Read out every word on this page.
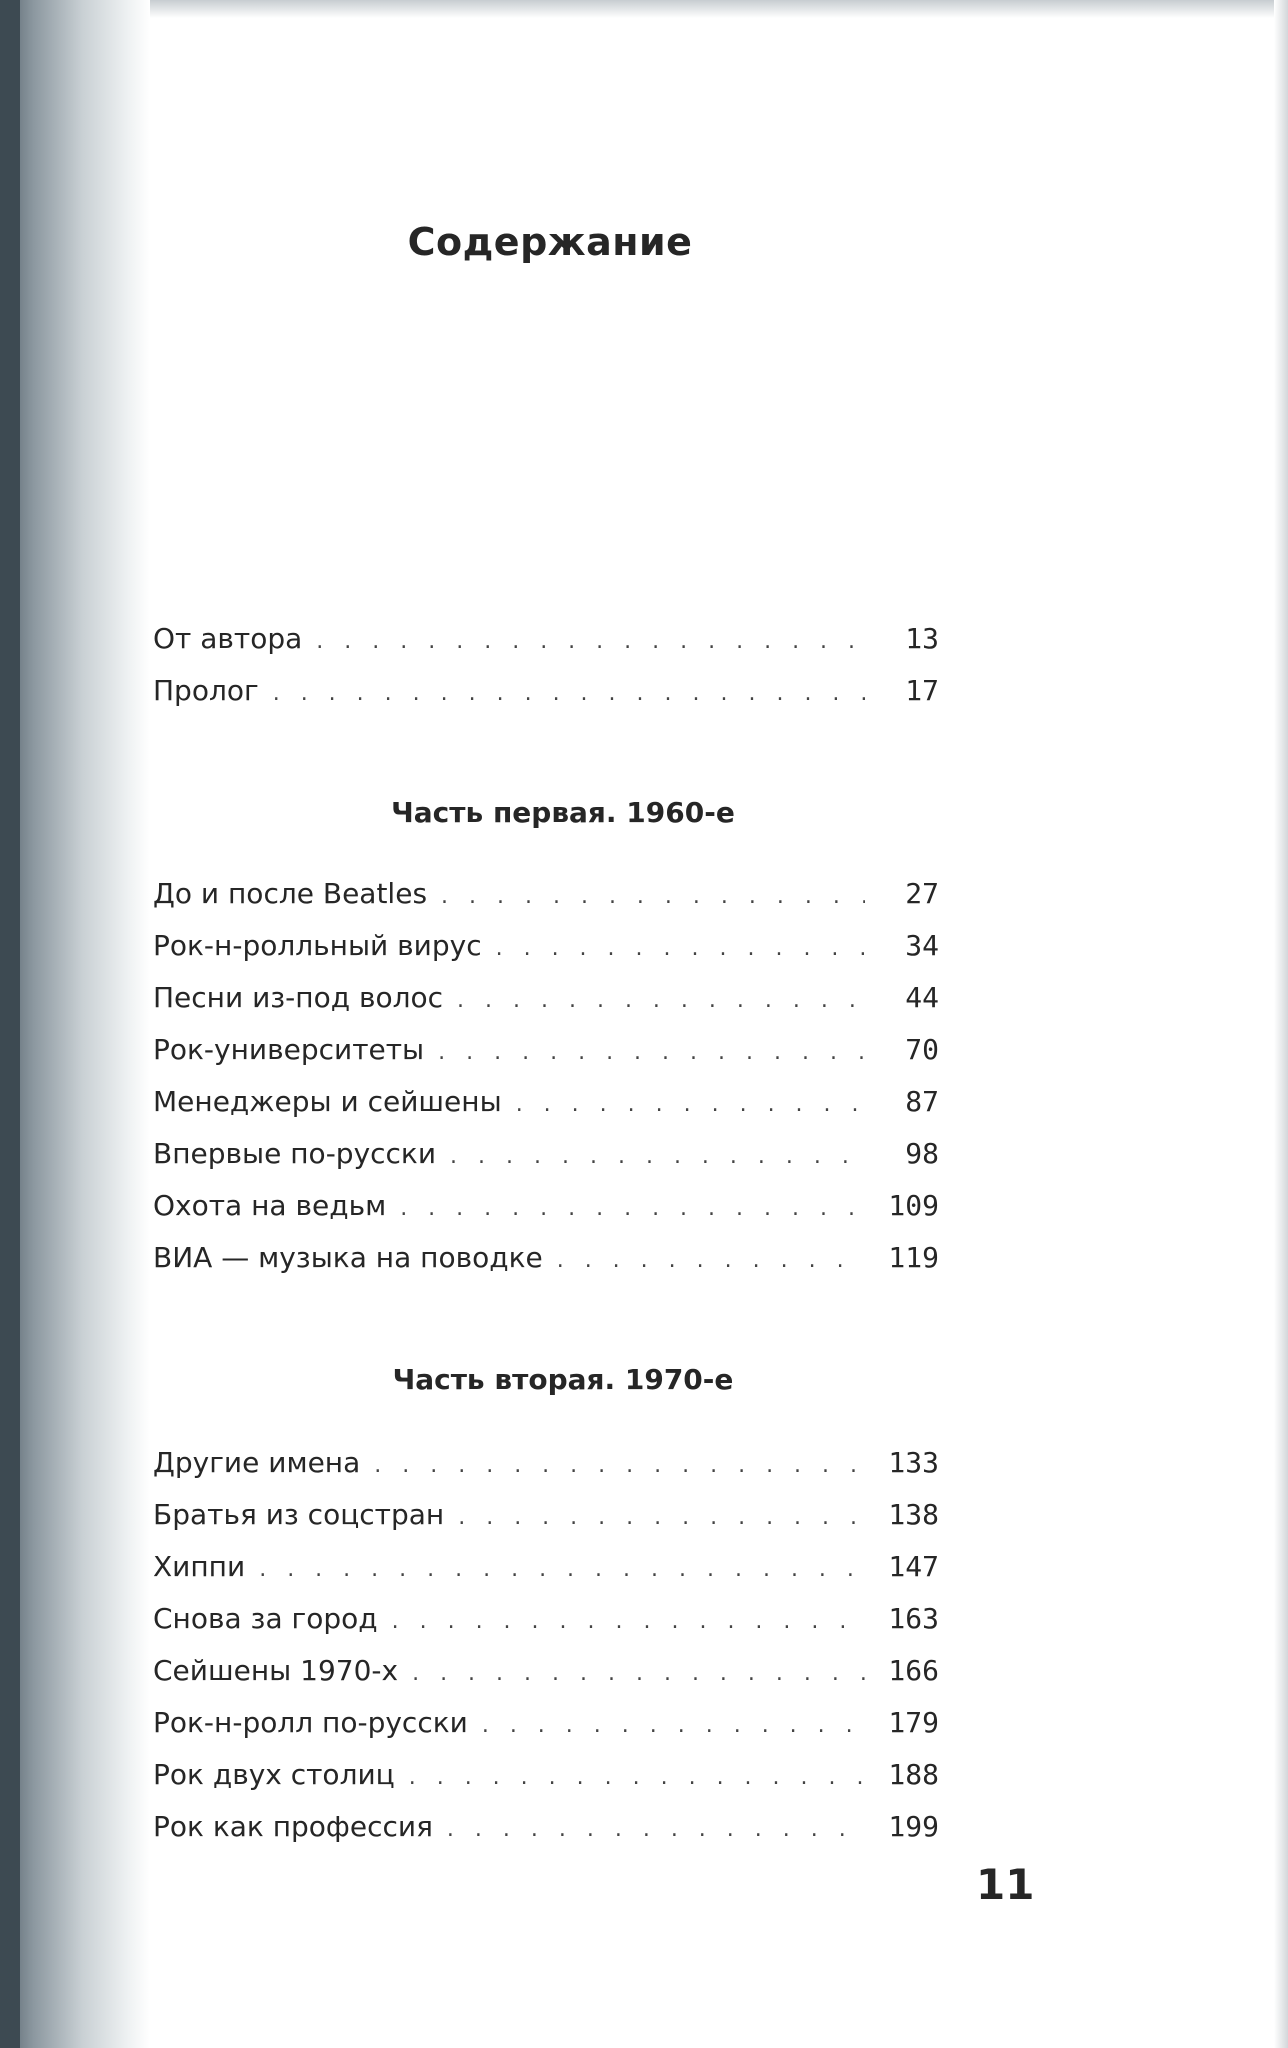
Содержание
От автора . . .	13
Пролог . . .	17
Часть первая. 1960-е
До и после Beatles . . .	27
Рок-н-ролльный вирус . . .	34
Песни из-под волос . . .	44
Рок-университеты . . .	70
Менеджеры и сейшены . . .	87
Впервые по-русски . . .	98
Охота на ведьм . . .	109
ВИА — музыка на поводке . . .	119
Часть вторая. 1970-е
Другие имена . . .	133
Братья из соцстран . . .	138
Хиппи . . .	147
Снова за город . . .	163
Сейшены 1970-х . . .	166
Рок-н-ролл по-русски . . .	179
Рок двух столиц . . .	188
Рок как профессия . . .	199
11
